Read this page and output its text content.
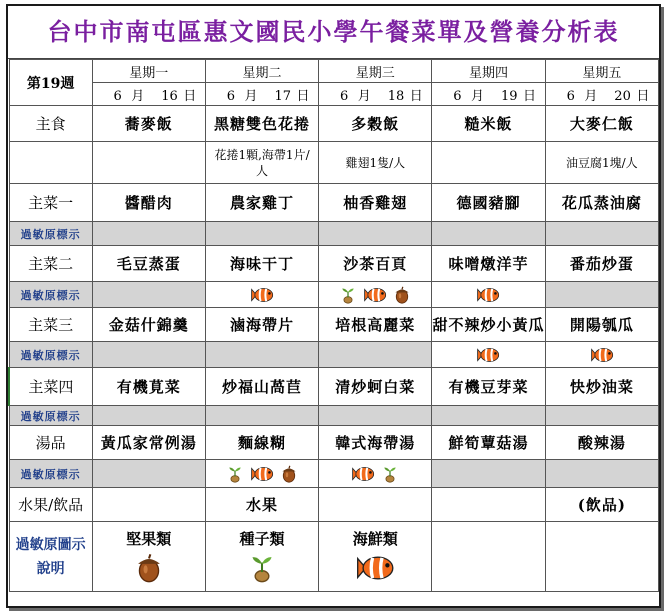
台中市南屯區惠文國民小學午餐菜單及營養分析表
第19週	星期一	星期二	星期三	星期四	星期五
	6 月 16 日	6 月 17 日	6 月 18 日	6 月 19 日	6 月 20 日
主食	蕎麥飯	黑糖雙色花捲	多穀飯	糙米飯	大麥仁飯
		花捲1顆,海帶1片/人	雞翅1隻/人		油豆腐1塊/人
主菜一	醬醋肉	農家雞丁	柚香雞翅	德國豬腳	花瓜蒸油腐
過敏原標示					
主菜二	毛豆蒸蛋	海味干丁	沙茶百頁	味噌燉洋芋	番茄炒蛋
過敏原標示					
主菜三	金菇什錦羹	滷海帶片	培根高麗菜	甜不辣炒小黃瓜	開陽瓠瓜
過敏原標示					
主菜四	有機莧菜	炒福山萵苣	清炒蚵白菜	有機豆芽菜	快炒油菜
過敏原標示					
湯品	黃瓜家常例湯	麵線糊	韓式海帶湯	鮮筍蕈菇湯	酸辣湯
過敏原標示					
水果/飲品		水果			(飲品)
過敏原圖示說明	堅果類	種子類	海鮮類		
